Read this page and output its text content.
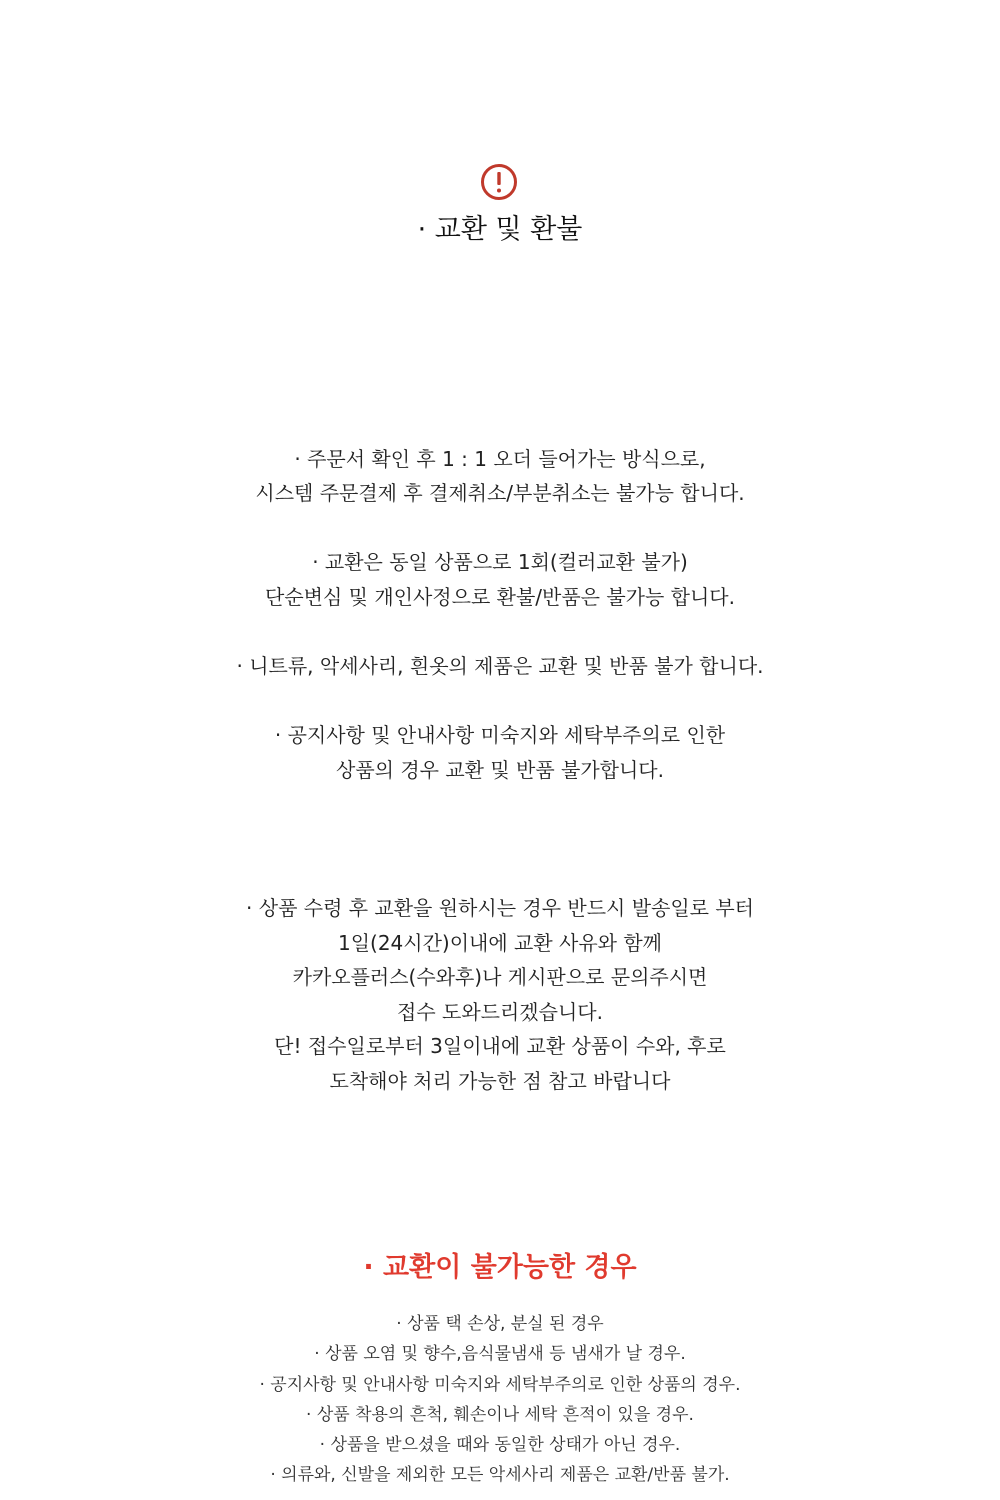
· 교환 및 환불
· 주문서 확인 후 1 : 1 오더 들어가는 방식으로,
시스템 주문결제 후 결제취소/부분취소는 불가능 합니다.
· 교환은 동일 상품으로 1회(컬러교환 불가)
단순변심 및 개인사정으로 환불/반품은 불가능 합니다.
· 니트류, 악세사리, 흰옷의 제품은 교환 및 반품 불가 합니다.
· 공지사항 및 안내사항 미숙지와 세탁부주의로 인한
상품의 경우 교환 및 반품 불가합니다.
· 상품 수령 후 교환을 원하시는 경우 반드시 발송일로 부터
1일(24시간)이내에 교환 사유와 함께
카카오플러스(수와후)나 게시판으로 문의주시면
접수 도와드리겠습니다.
단! 접수일로부터 3일이내에 교환 상품이 수와, 후로
도착해야 처리 가능한 점 참고 바랍니다
· 교환이 불가능한 경우
· 상품 택 손상, 분실 된 경우
· 상품 오염 및 향수,음식물냄새 등 냄새가 날 경우.
· 공지사항 및 안내사항 미숙지와 세탁부주의로 인한 상품의 경우.
· 상품 착용의 흔척, 훼손이나 세탁 흔적이 있을 경우.
· 상품을 받으셨을 때와 동일한 상태가 아닌 경우.
· 의류와, 신발을 제외한 모든 악세사리 제품은 교환/반품 불가.
